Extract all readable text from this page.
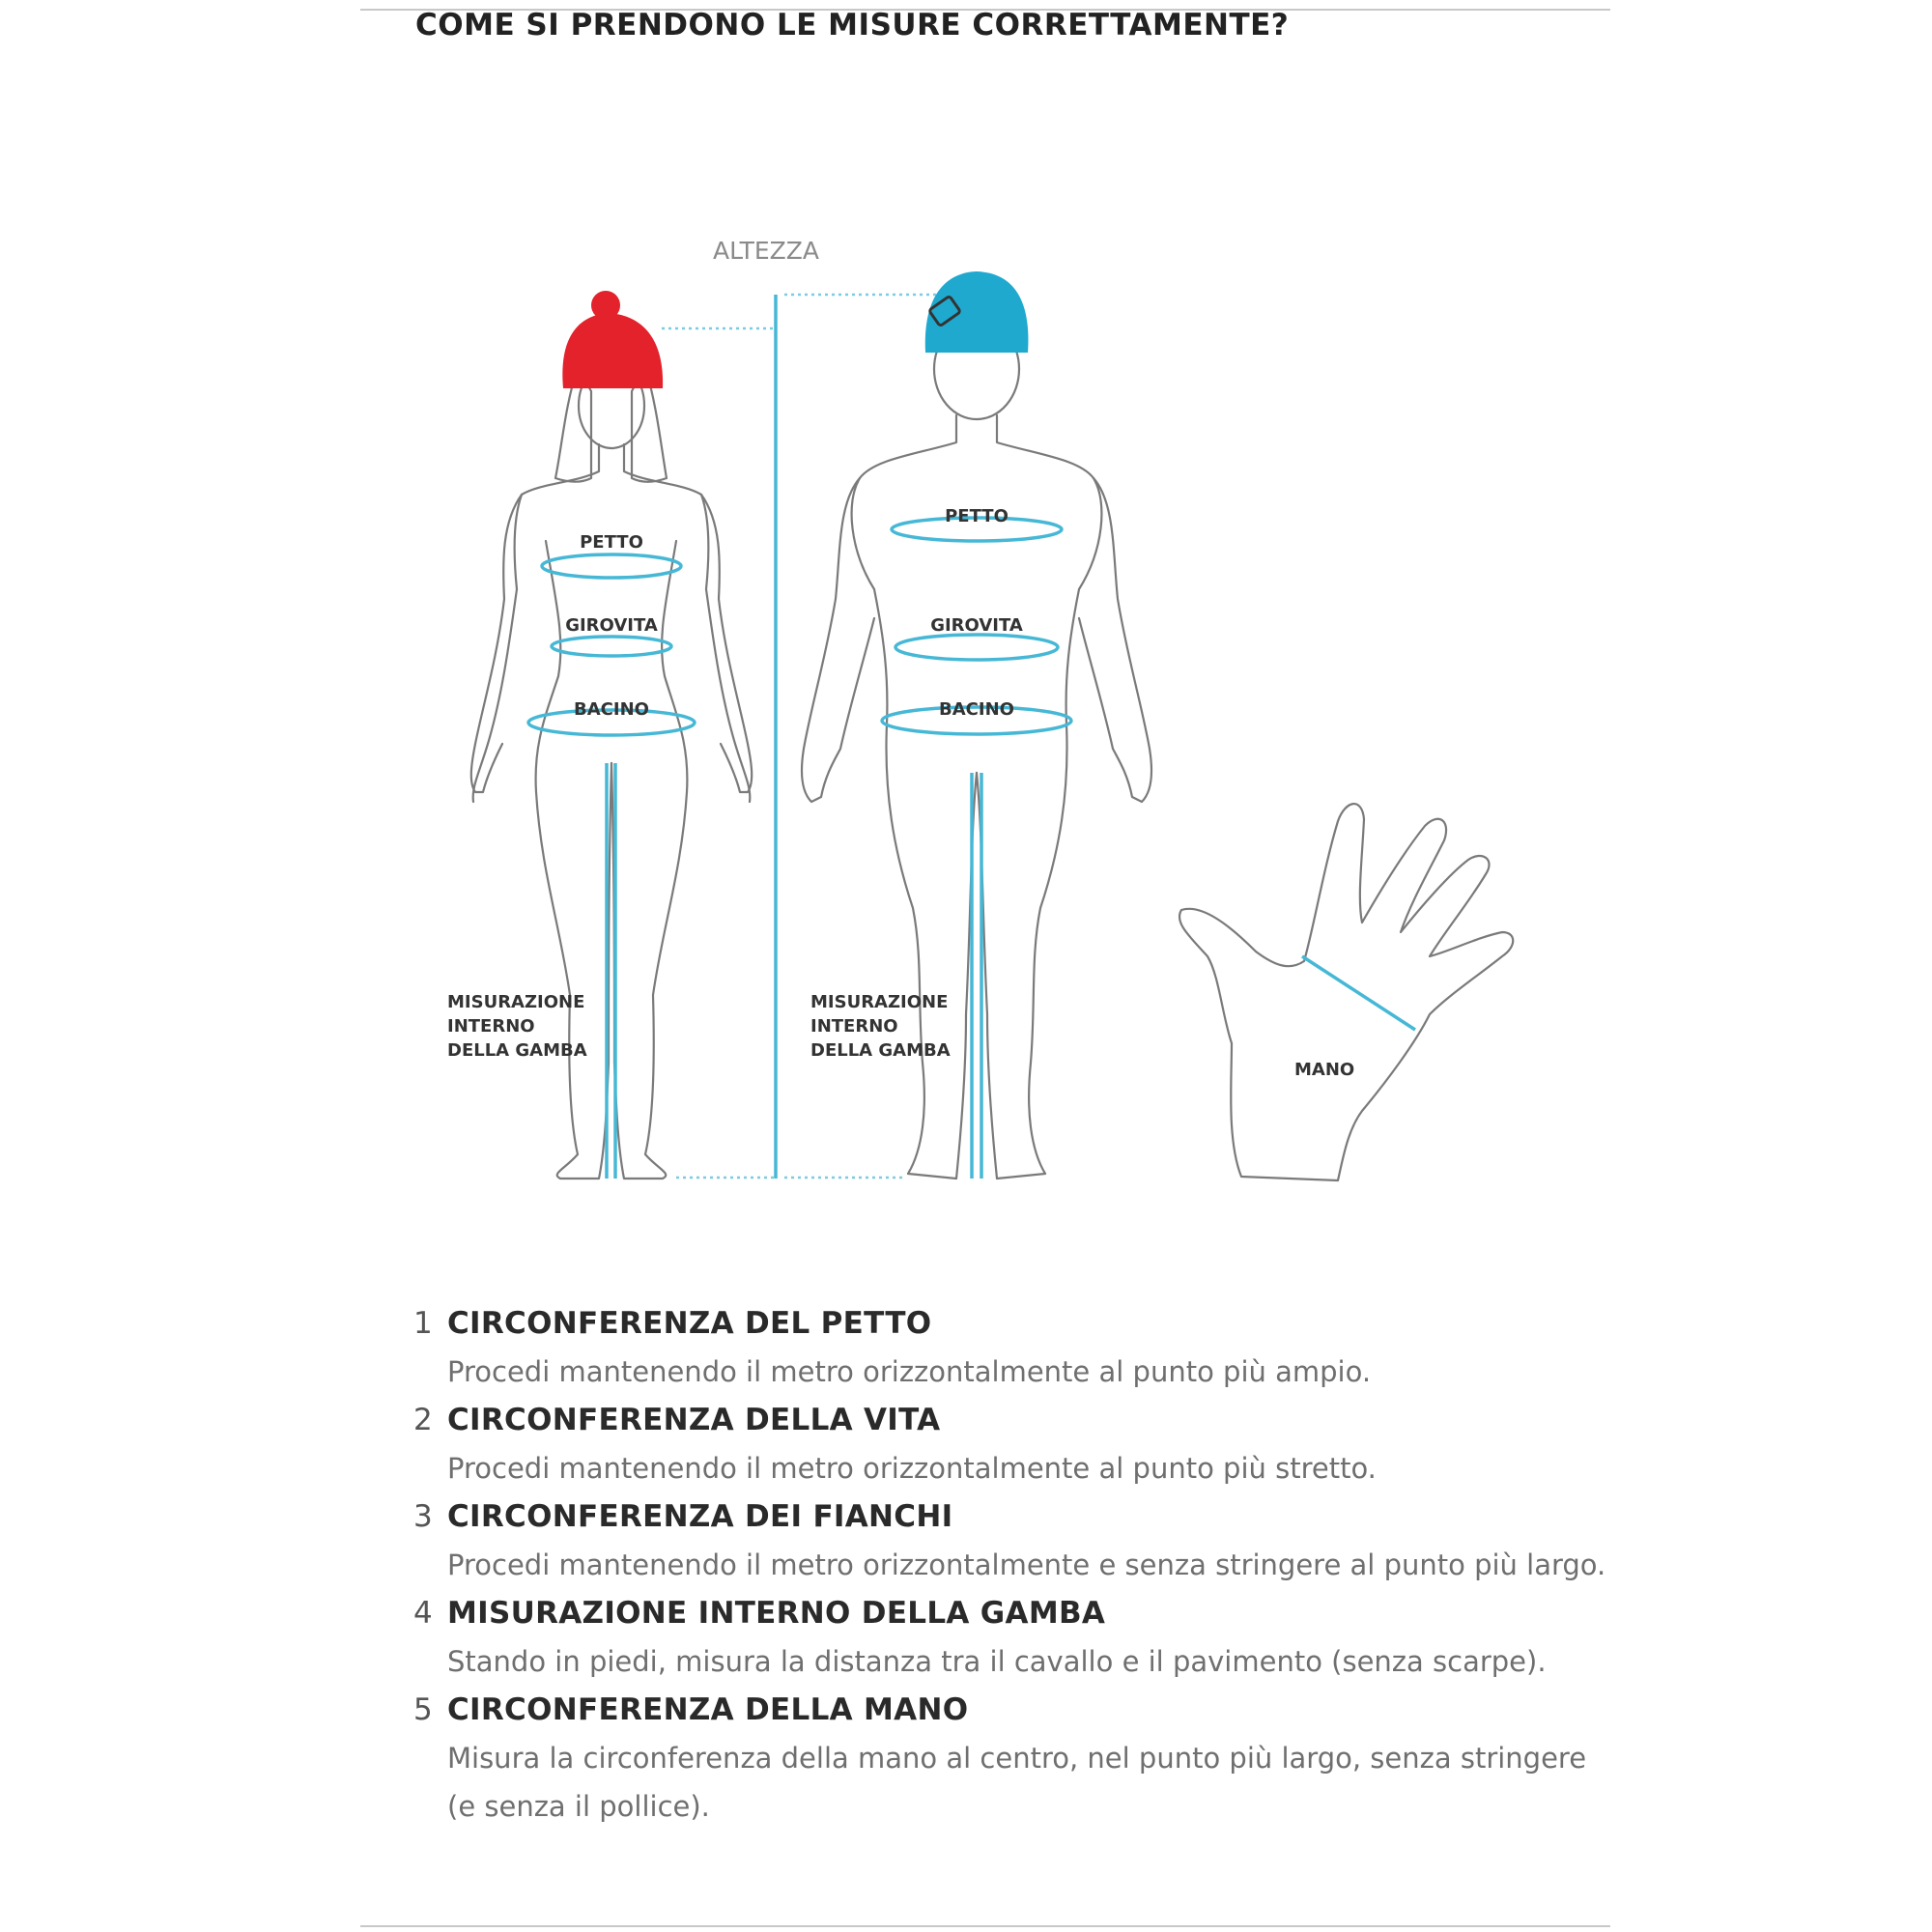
COME SI PRENDONO LE MISURE CORRETTAMENTE?
ALTEZZA
PETTO
GIROVITA
BACINO
MISURAZIONE
INTERNO
DELLA GAMBA
PETTO
GIROVITA
BACINO
MISURAZIONE
INTERNO
DELLA GAMBA
MANO
1 CIRCONFERENZA DEL PETTO
Procedi mantenendo il metro orizzontalmente al punto più ampio.
2 CIRCONFERENZA DELLA VITA
Procedi mantenendo il metro orizzontalmente al punto più stretto.
3 CIRCONFERENZA DEI FIANCHI
Procedi mantenendo il metro orizzontalmente e senza stringere al punto più largo.
4 MISURAZIONE INTERNO DELLA GAMBA
Stando in piedi, misura la distanza tra il cavallo e il pavimento (senza scarpe).
5 CIRCONFERENZA DELLA MANO
Misura la circonferenza della mano al centro, nel punto più largo, senza stringere (e senza il pollice).
